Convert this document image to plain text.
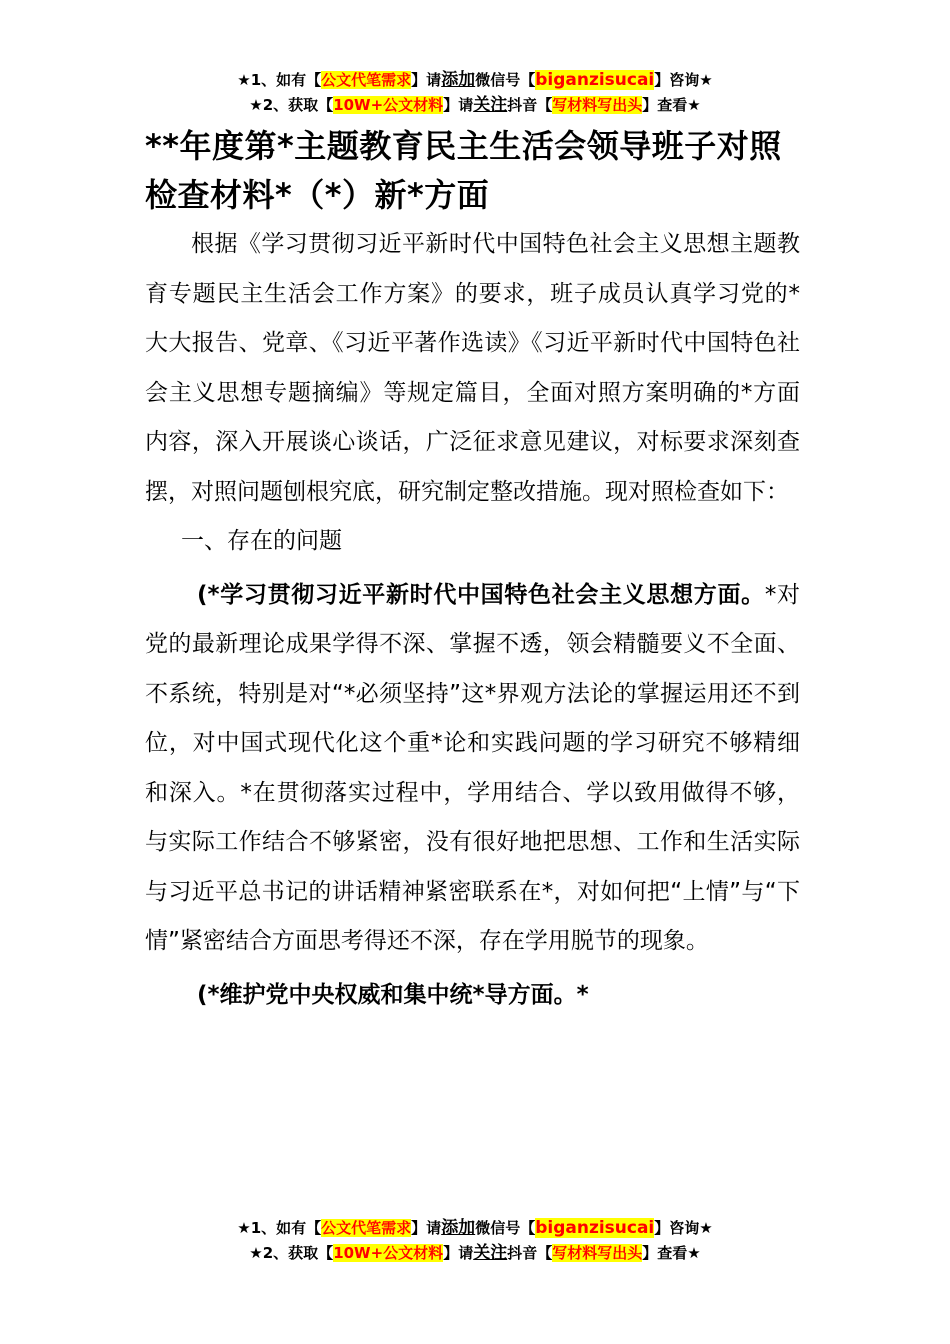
★1、如有【公文代笔需求】请添加微信号【biganzisucai】咨询★
★2、获取【10W+公文材料】请关注抖音【写材料写出头】查看★
**年度第*主题教育民主生活会领导班子对照检查材料*（*）新*方面

根据《学习贯彻习近平新时代中国特色社会主义思想主题教育专题民主生活会工作方案》的要求，班子成员认真学习党的*大大报告、党章、《习近平著作选读》《习近平新时代中国特色社会主义思想专题摘编》等规定篇目，全面对照方案明确的*方面内容，深入开展谈心谈话，广泛征求意见建议，对标要求深刻查摆，对照问题刨根究底，研究制定整改措施。现对照检查如下：

一、存在的问题

(*学习贯彻习近平新时代中国特色社会主义思想方面。*对党的最新理论成果学得不深、掌握不透，领会精髓要义不全面、不系统，特别是对“*必须坚持”这*界观方法论的掌握运用还不到位，对中国式现代化这个重*论和实践问题的学习研究不够精细和深入。*在贯彻落实过程中，学用结合、学以致用做得不够，与实际工作结合不够紧密，没有很好地把思想、工作和生活实际与习近平总书记的讲话精神紧密联系在*，对如何把“上情”与“下情”紧密结合方面思考得还不深，存在学用脱节的现象。

(*维护党中央权威和集中统*导方面。*

★1、如有【公文代笔需求】请添加微信号【biganzisucai】咨询★
★2、获取【10W+公文材料】请关注抖音【写材料写出头】查看★
